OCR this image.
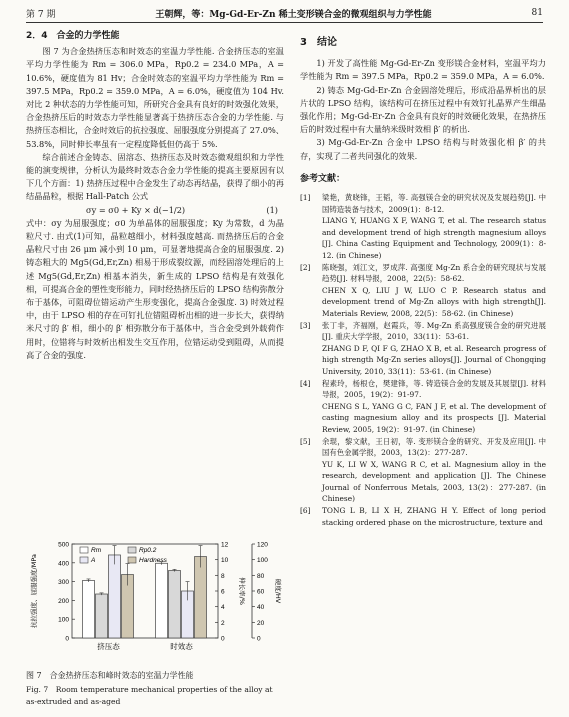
第 7 期	王朝辉，等：Mg-Gd-Er-Zn 稀土变形镁合金的微观组织与力学性能	81
2．4　合金的力学性能

图 7 为合金热挤压态和时效态的室温力学性能. 合金挤压态的室温平均力学性能为 Rm = 306.0 MPa，Rp0.2 = 234.0 MPa，A = 10.6%，硬度值为 81 Hv；合金时效态的室温平均力学性能为 Rm = 397.5 MPa，Rp0.2 = 359.0 MPa，A = 6.0%，硬度值为 104 Hv. 对比 2 种状态的力学性能可知，所研究合金具有良好的时效强化效果，合金热挤压后的时效态力学性能显著高于热挤压态合金的力学性能. 与热挤压态相比，合金时效后的抗拉强度、屈服强度分别提高了 27.0%、53.8%，同时伸长率虽有一定程度降低但仍高于 5%.

综合前述合金铸态、固溶态、热挤压态及时效态微观组织和力学性能的演变规律，分析认为最终时效态合金力学性能的提高主要原因有以下几个方面：1) 热挤压过程中合金发生了动态再结晶，获得了细小的再结晶晶粒，根据 Hall-Patch 公式

σy = σ0 + Ky × d(−1/2)	(1)

式中：σy 为屈服强度；σ0 为单晶体的屈服强度；Ky 为常数，d 为晶粒尺寸. 由式(1)可知，晶粒越细小，材料强度越高. 而热挤压后的合金晶粒尺寸由 26 μm 减小到 10 μm，可显著地提高合金的屈服强度. 2) 铸态粗大的 Mg5(Gd,Er,Zn) 相易于形成裂纹源，而经固溶处理后的上述 Mg5(Gd,Er,Zn) 相基本消失，新生成的 LPSO 结构是有效强化相，可提高合金的塑性变形能力，同时经热挤压后的 LPSO 结构弥散分布于基体，可阻碍位错运动产生形变强化，提高合金强度. 3) 时效过程中，由于 LPSO 相的存在可钉扎位错阻碍析出相的进一步长大，获得纳米尺寸的 β′ 相，细小的 β′ 相弥散分布于基体中，当合金受到外载荷作用时，位错将与时效析出相发生交互作用，位错运动受到阻碍，从而提高了合金的强度.

3　结论

1) 开发了高性能 Mg-Gd-Er-Zn 变形镁合金材料，室温平均力学性能为 Rm = 397.5 MPa，Rp0.2 = 359.0 MPa，A = 6.0%.

2) 铸态 Mg-Gd-Er-Zn 合金固溶处理后，形成沿晶界析出的层片状的 LPSO 结构，该结构可在挤压过程中有效钉扎晶界产生细晶强化作用；Mg-Gd-Er-Zn 合金具有良好的时效硬化效果，在热挤压后的时效过程中有大量纳米级时效相 β′ 的析出.

3) Mg-Gd-Er-Zn 合金中 LPSO 结构与时效强化相 β′ 的共存，实现了二者共同强化的效果.

参考文献：
[1]	梁艳，黄晓锋，王韬，等. 高强镁合金的研究状况及发展趋势[J]. 中国铸造装备与技术，2009(1)：8-12.
LIANG Y, HUANG X F, WANG T, et al. The research status and development trend of high strength magnesium alloys [J]. China Casting Equipment and Technology, 2009(1)：8-12. (in Chinese)
[2]	陈晓强，刘江文，罗成萍. 高强度 Mg-Zn 系合金的研究现状与发展趋势[J]. 材料导报，2008，22(5)：58-62.
CHEN X Q, LIU J W, LUO C P. Research status and development trend of Mg-Zn alloys with high strength[J]. Materials Review, 2008, 22(5)：58-62. (in Chinese)
[3]	张丁非，齐福刚，赵霞兵，等. Mg-Zn 系高强度镁合金的研究进展[J]. 重庆大学学报，2010，33(11)：53-61.
ZHANG D F, QI F G, ZHAO X B, et al. Research progress of high strength Mg-Zn series alloys[J]. Journal of Chongqing University, 2010, 33(11)：53-61. (in Chinese)
[4]	程素玲，杨根仓，樊建锋，等. 铸造镁合金的发展及其展望[J]. 材料导报，2005，19(2)：91-97.
CHENG S L, YANG G C, FAN J F, et al. The development of casting magnesium alloy and its prospects [J]. Material Review, 2005, 19(2)：91-97. (in Chinese)
[5]	余琨，黎文献，王日初，等. 变形镁合金的研究、开发及应用[J]. 中国有色金属学报，2003，13(2)：277-287.
YU K, LI W X, WANG R C, et al. Magnesium alloy in the research, development and application [J]. The Chinese Journal of Nonferrous Metals, 2003, 13(2)：277-287. (in Chinese)
[6]	TONG L B, LI X H, ZHANG H Y. Effect of long period stacking ordered phase on the microstructure, texture and
0
100
200
300
400
500
0
2
4
6
8
10
12
0
20
40
60
80
100
120
抗拉强度、屈服强度/MPa	伸长率/%	硬度/HV
挤压态	时效态
Rm	Rp0.2
A	Hardness
图 7　合金热挤压态和峰时效态的室温力学性能
Fig. 7　Room temperature mechanical properties of the alloy at as-extruded and as-aged
